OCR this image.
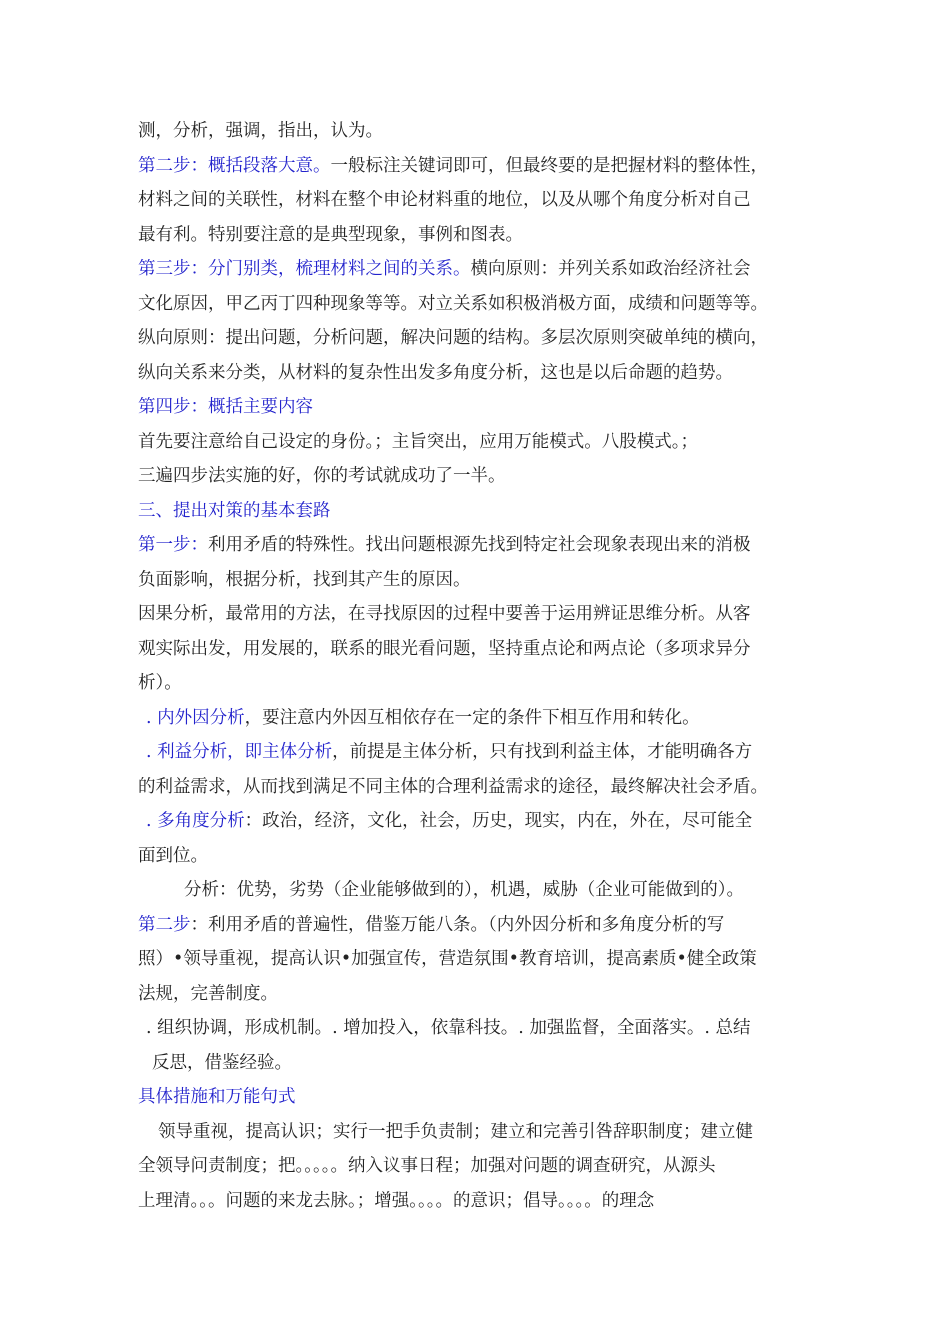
测，分析，强调，指出，认为。
第二步：概括段落大意。一般标注关键词即可，但最终要的是把握材料的整体性，
材料之间的关联性，材料在整个申论材料重的地位，以及从哪个角度分析对自己
最有利。特别要注意的是典型现象，事例和图表。
第三步：分门别类，梳理材料之间的关系。横向原则：并列关系如政治经济社会
文化原因，甲乙丙丁四种现象等等。对立关系如积极消极方面，成绩和问题等等。
纵向原则：提出问题，分析问题，解决问题的结构。多层次原则突破单纯的横向，
纵向关系来分类，从材料的复杂性出发多角度分析，这也是以后命题的趋势。
第四步：概括主要内容
首先要注意给自己设定的身份。；主旨突出，应用万能模式。八股模式。；
三遍四步法实施的好，你的考试就成功了一半。
三、提出对策的基本套路
第一步：利用矛盾的特殊性。找出问题根源先找到特定社会现象表现出来的消极
负面影响，根据分析，找到其产生的原因。
因果分析，最常用的方法，在寻找原因的过程中要善于运用辨证思维分析。从客
观实际出发，用发展的，联系的眼光看问题，坚持重点论和两点论（多项求异分
析）。
. 内外因分析，要注意内外因互相依存在一定的条件下相互作用和转化。
. 利益分析，即主体分析，前提是主体分析，只有找到利益主体，才能明确各方
的利益需求，从而找到满足不同主体的合理利益需求的途径，最终解决社会矛盾。
. 多角度分析：政治，经济，文化，社会，历史，现实，内在，外在，尽可能全
面到位。
分析：优势，劣势（企业能够做到的），机遇，威胁（企业可能做到的）。
第二步：利用矛盾的普遍性，借鉴万能八条。（内外因分析和多角度分析的写
照）•领导重视，提高认识•加强宣传，营造氛围•教育培训，提高素质•健全政策
法规，完善制度。
. 组织协调，形成机制。. 增加投入，依靠科技。. 加强监督，全面落实。. 总结
反思，借鉴经验。
具体措施和万能句式
领导重视，提高认识；实行一把手负责制；建立和完善引咎辞职制度；建立健
全领导问责制度；把。。。。。纳入议事日程；加强对问题的调查研究，从源头
上理清。。。问题的来龙去脉。；增强。。。。的意识；倡导。。。。的理念
